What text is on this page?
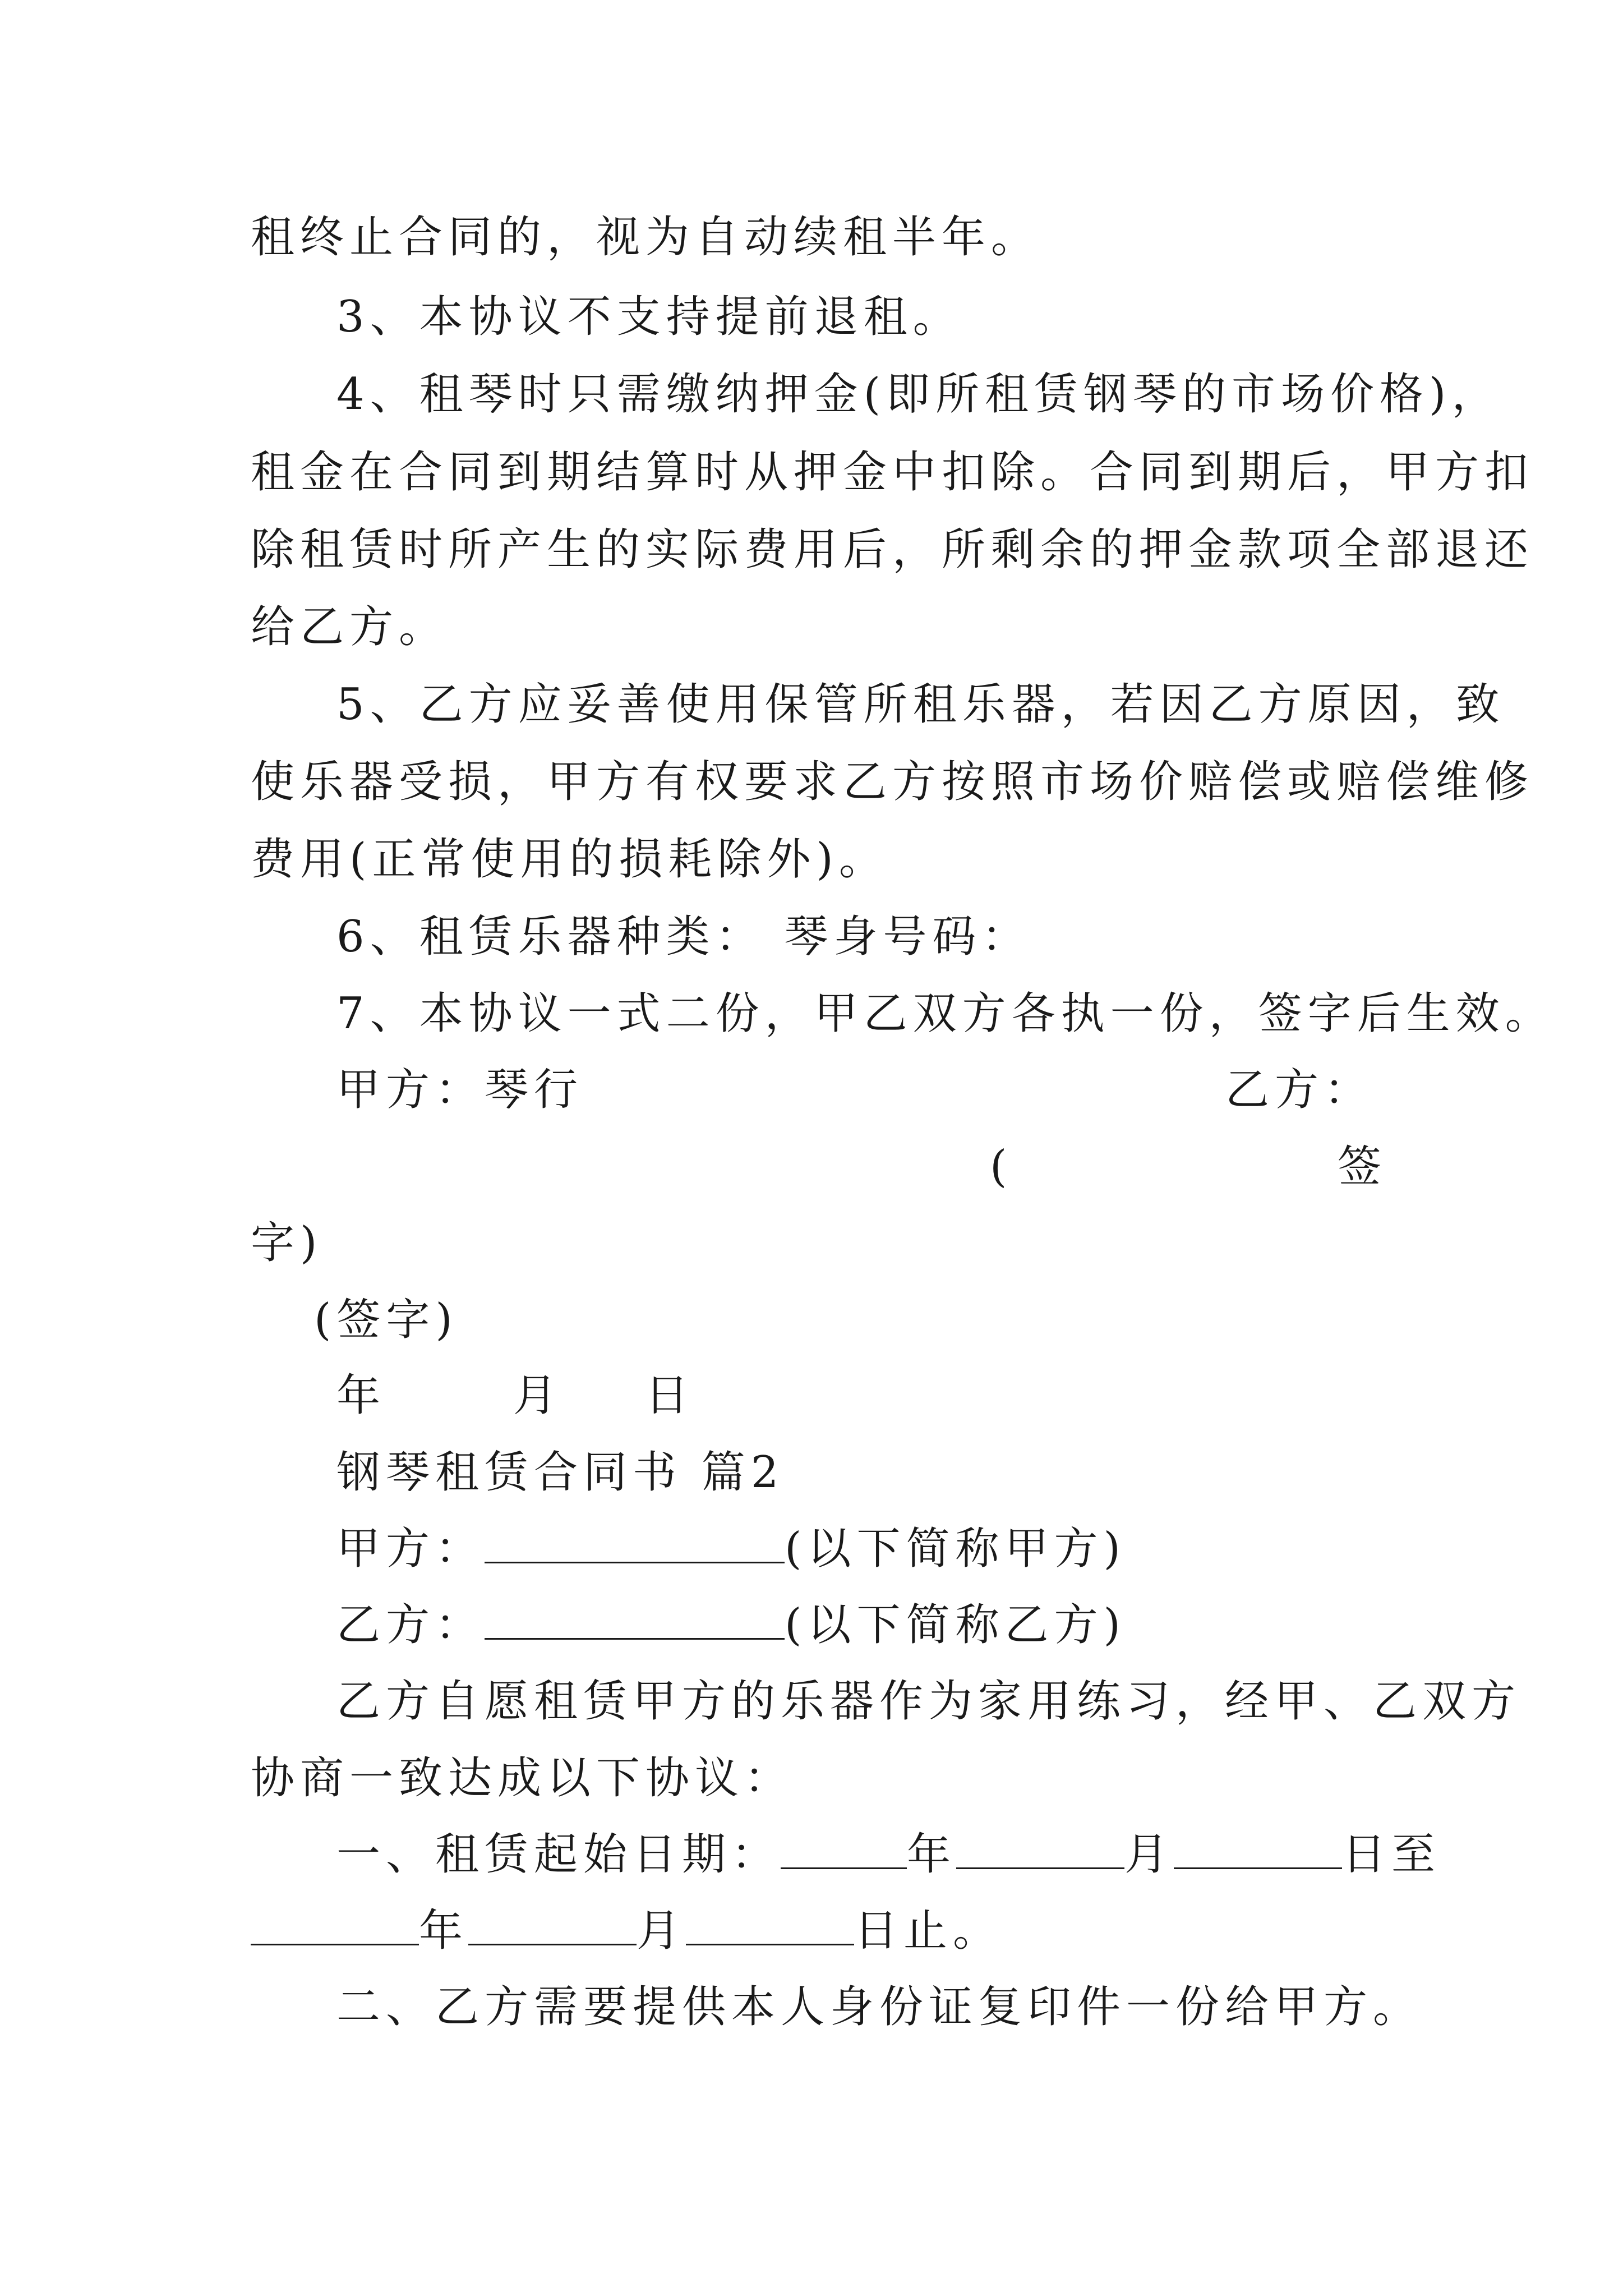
租终止合同的，视为自动续租半年。

3、本协议不支持提前退租。

4、租琴时只需缴纳押金(即所租赁钢琴的市场价格)，

租金在合同到期结算时从押金中扣除。合同到期后，甲方扣

除租赁时所产生的实际费用后，所剩余的押金款项全部退还

给乙方。

5、乙方应妥善使用保管所租乐器，若因乙方原因，致

使乐器受损，甲方有权要求乙方按照市场价赔偿或赔偿维修

费用(正常使用的损耗除外)。

6、租赁乐器种类： 琴身号码：

7、本协议一式二份，甲乙双方各执一份，签字后生效。

甲方：琴行	乙方：

(	签

字)

(签字)

年	月 日

钢琴租赁合同书 篇2

甲方：	(以下简称甲方)

乙方：	(以下简称乙方)

乙方自愿租赁甲方的乐器作为家用练习，经甲、乙双方

协商一致达成以下协议：

一、租赁起始日期：	年	月	日至

年	月	日止。

二、乙方需要提供本人身份证复印件一份给甲方。
